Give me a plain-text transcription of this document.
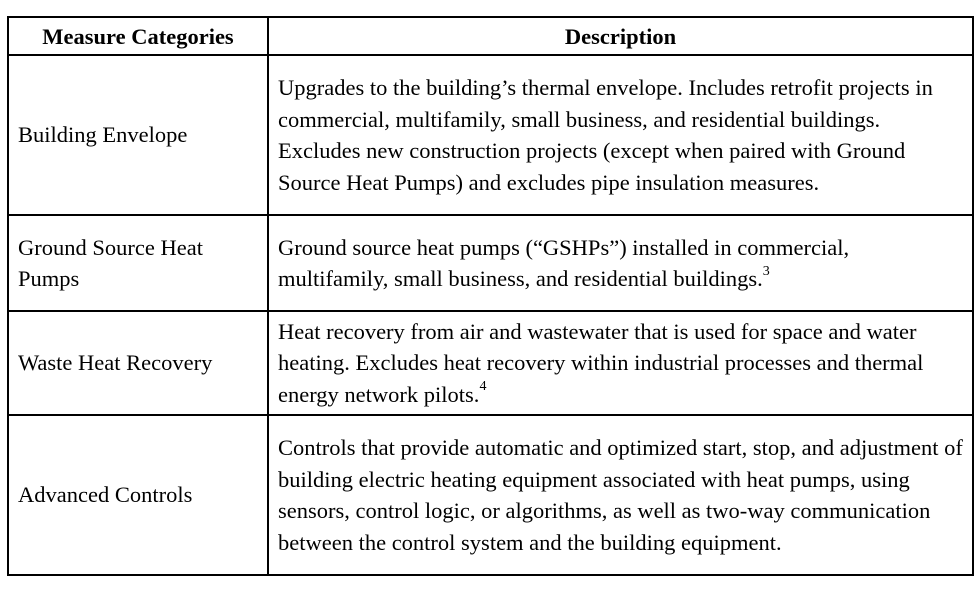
Measure Categories	Description
Building Envelope	Upgrades to the building’s thermal envelope. Includes retrofit projects in commercial, multifamily, small business, and residential buildings. Excludes new construction projects (except when paired with Ground Source Heat Pumps) and excludes pipe insulation measures.
Ground Source Heat Pumps	Ground source heat pumps (“GSHPs”) installed in commercial, multifamily, small business, and residential buildings.$^3$
Waste Heat Recovery	Heat recovery from air and wastewater that is used for space and water heating. Excludes heat recovery within industrial processes and thermal energy network pilots.$^4$
Advanced Controls	Controls that provide automatic and optimized start, stop, and adjustment of building electric heating equipment associated with heat pumps, using sensors, control logic, or algorithms, as well as two-way communication between the control system and the building equipment.
